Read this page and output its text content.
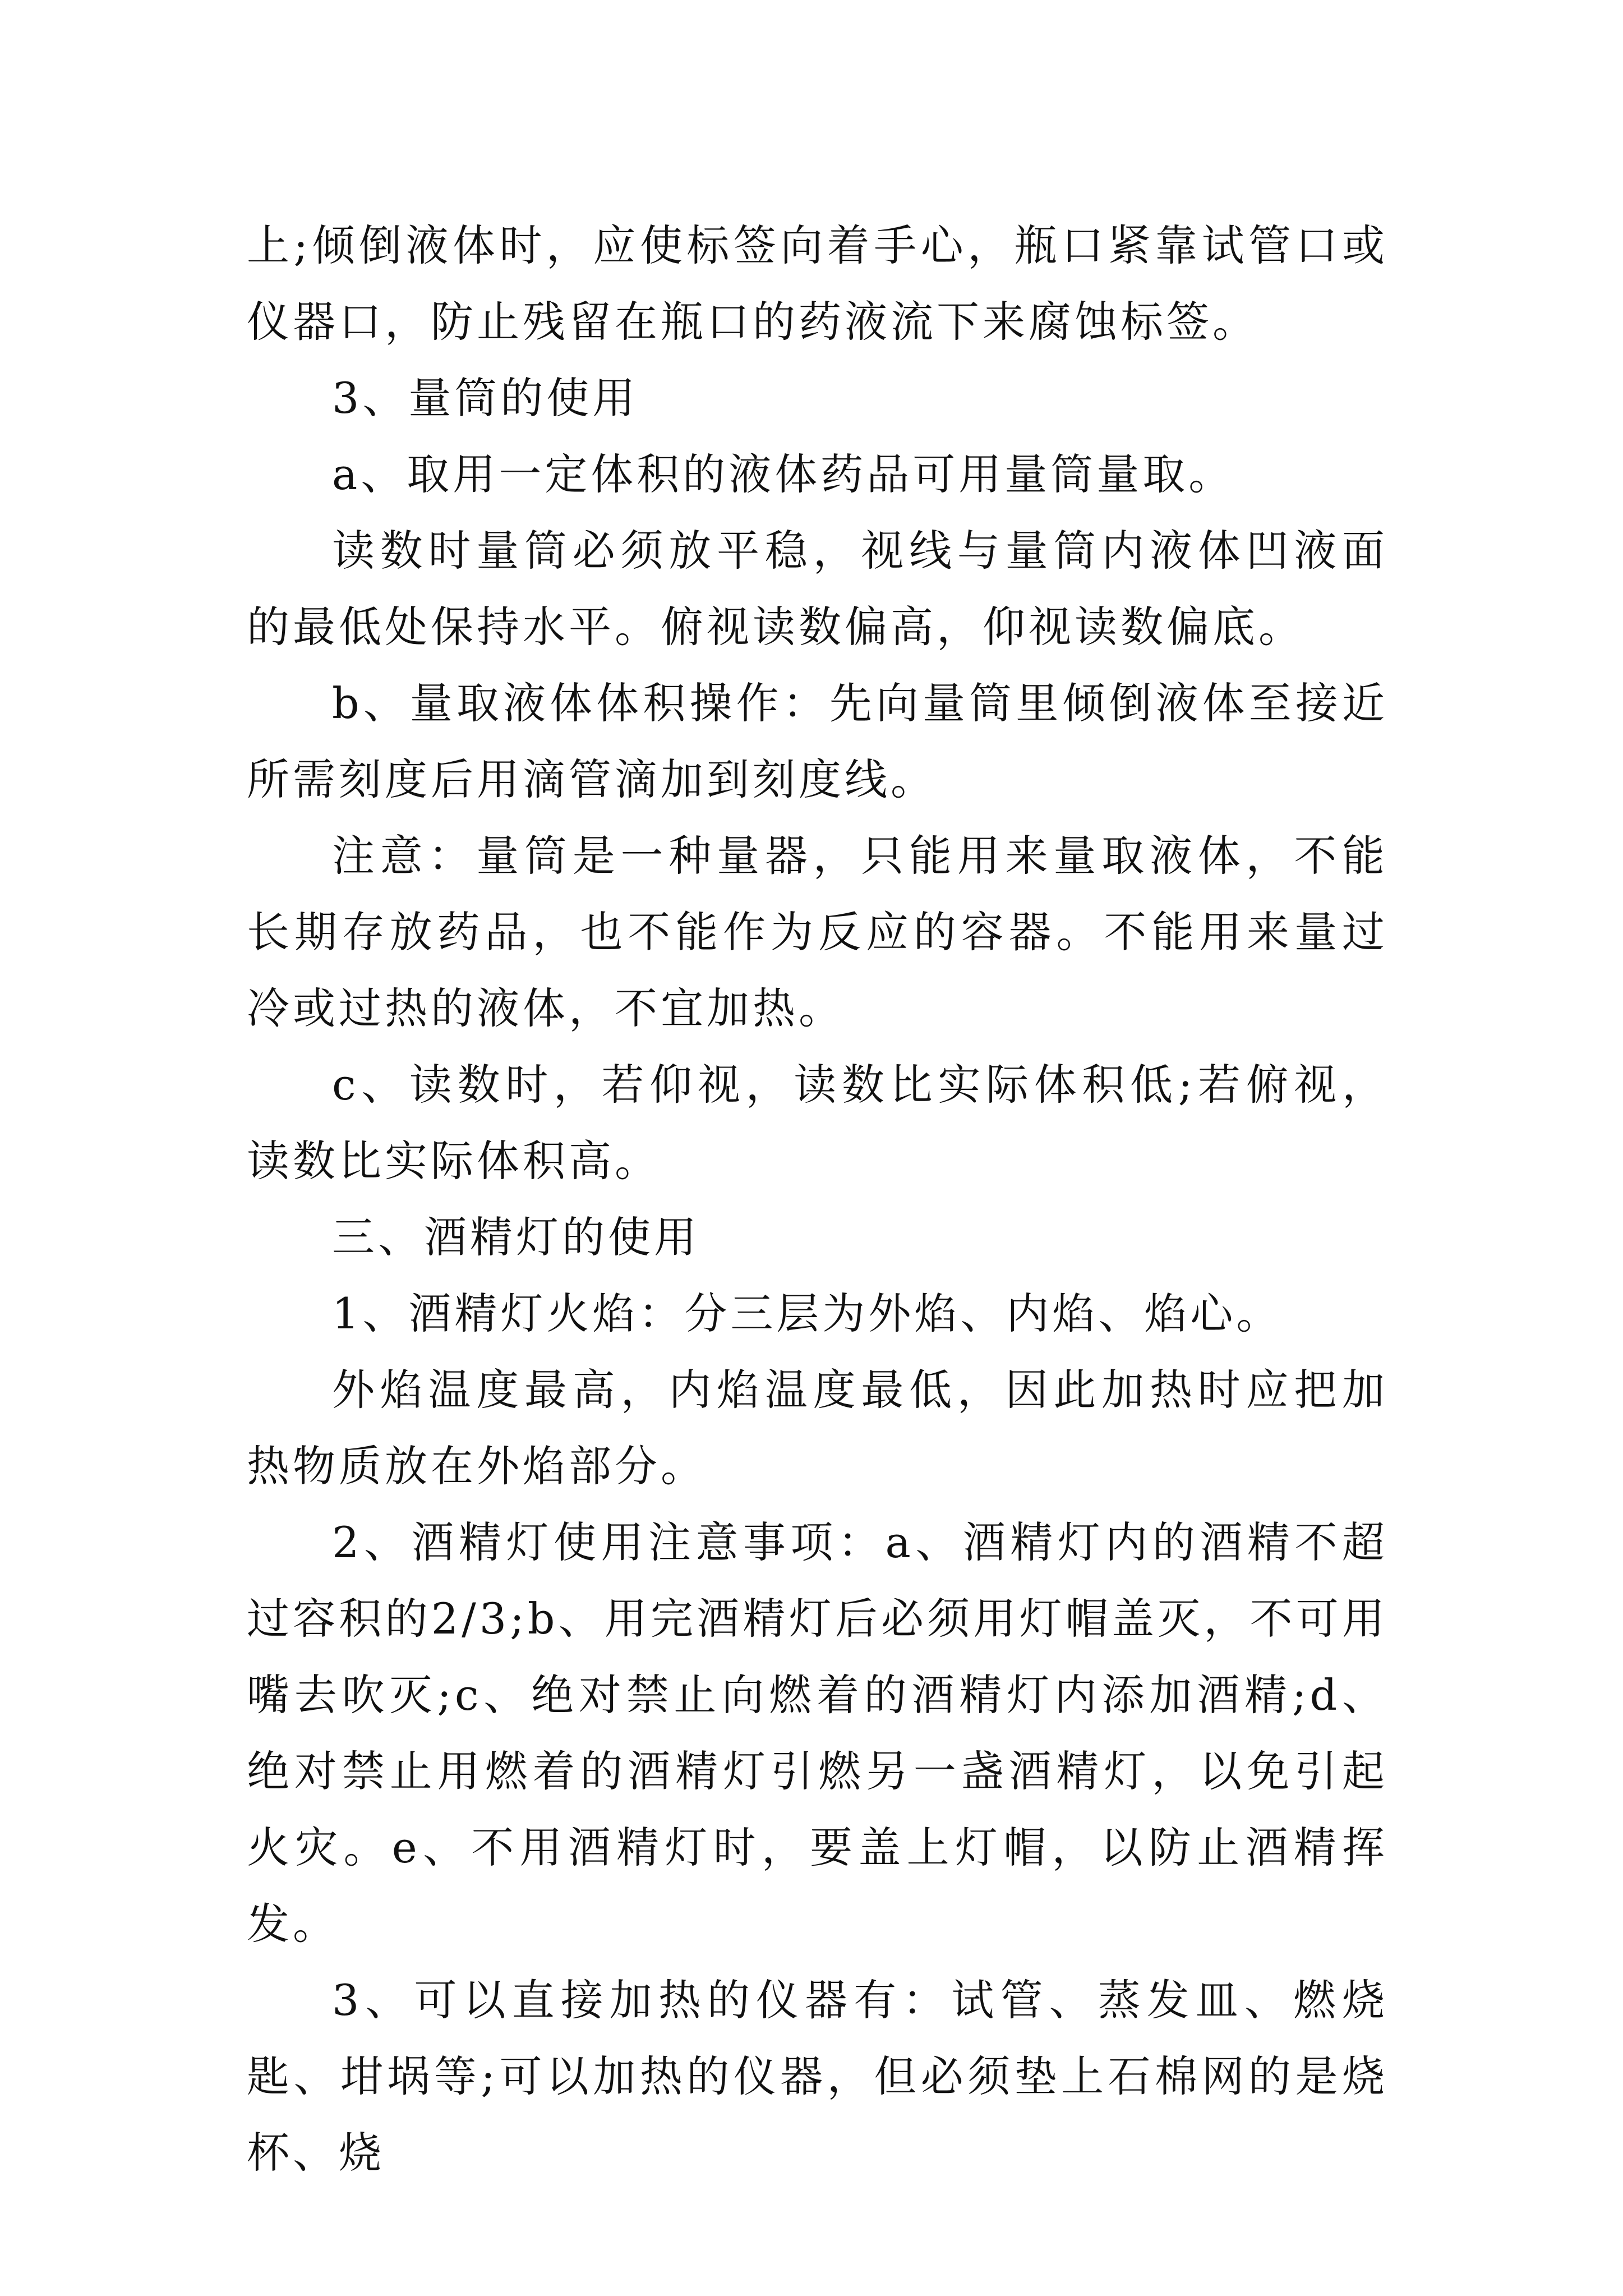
上;倾倒液体时，应使标签向着手心，瓶口紧靠试管口或仪器口，防止残留在瓶口的药液流下来腐蚀标签。

3、量筒的使用

a、取用一定体积的液体药品可用量筒量取。

读数时量筒必须放平稳，视线与量筒内液体凹液面的最低处保持水平。俯视读数偏高，仰视读数偏底。

b、量取液体体积操作：先向量筒里倾倒液体至接近所需刻度后用滴管滴加到刻度线。

注意：量筒是一种量器，只能用来量取液体，不能长期存放药品，也不能作为反应的容器。不能用来量过冷或过热的液体，不宜加热。

c、读数时，若仰视，读数比实际体积低;若俯视，读数比实际体积高。

三、酒精灯的使用

1、酒精灯火焰：分三层为外焰、内焰、焰心。

外焰温度最高，内焰温度最低，因此加热时应把加热物质放在外焰部分。

2、酒精灯使用注意事项：a、酒精灯内的酒精不超过容积的2/3;b、用完酒精灯后必须用灯帽盖灭，不可用嘴去吹灭;c、绝对禁止向燃着的酒精灯内添加酒精;d、绝对禁止用燃着的酒精灯引燃另一盏酒精灯，以免引起火灾。e、不用酒精灯时，要盖上灯帽，以防止酒精挥发。

3、可以直接加热的仪器有：试管、蒸发皿、燃烧匙、坩埚等;可以加热的仪器，但必须垫上石棉网的是烧杯、烧
